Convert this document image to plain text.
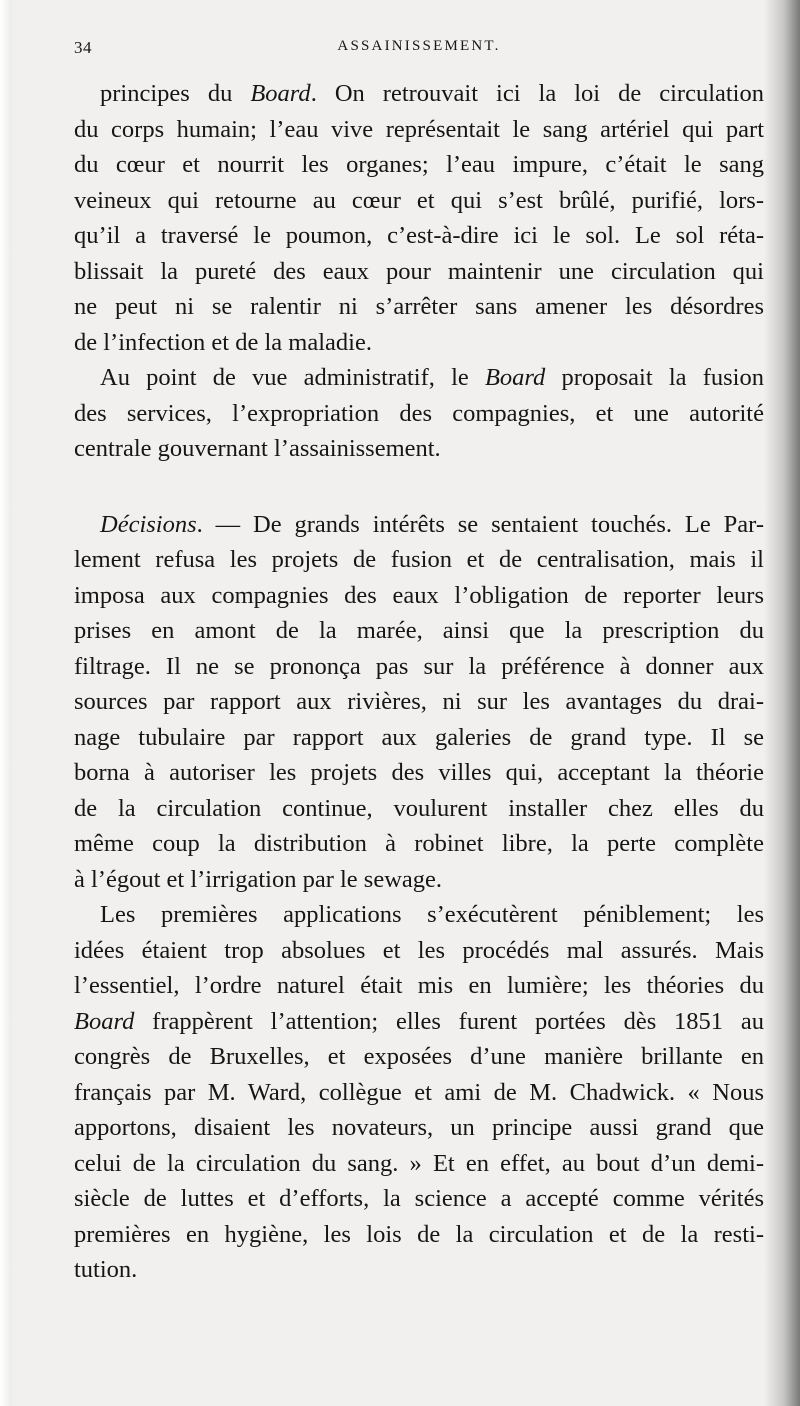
34	ASSAINISSEMENT.
principes du Board. On retrouvait ici la loi de circulation
du corps humain; l’eau vive représentait le sang artériel qui part
du cœur et nourrit les organes; l’eau impure, c’était le sang
veineux qui retourne au cœur et qui s’est brûlé, purifié, lors-
qu’il a traversé le poumon, c’est-à-dire ici le sol. Le sol réta-
blissait la pureté des eaux pour maintenir une circulation qui
ne peut ni se ralentir ni s’arrêter sans amener les désordres
de l’infection et de la maladie.
Au point de vue administratif, le Board proposait la fusion
des services, l’expropriation des compagnies, et une autorité
centrale gouvernant l’assainissement.
Décisions. — De grands intérêts se sentaient touchés. Le Par-
lement refusa les projets de fusion et de centralisation, mais il
imposa aux compagnies des eaux l’obligation de reporter leurs
prises en amont de la marée, ainsi que la prescription du
filtrage. Il ne se prononça pas sur la préférence à donner aux
sources par rapport aux rivières, ni sur les avantages du drai-
nage tubulaire par rapport aux galeries de grand type. Il se
borna à autoriser les projets des villes qui, acceptant la théorie
de la circulation continue, voulurent installer chez elles du
même coup la distribution à robinet libre, la perte complète
à l’égout et l’irrigation par le sewage.
Les premières applications s’exécutèrent péniblement; les
idées étaient trop absolues et les procédés mal assurés. Mais
l’essentiel, l’ordre naturel était mis en lumière; les théories du
Board frappèrent l’attention; elles furent portées dès 1851 au
congrès de Bruxelles, et exposées d’une manière brillante en
français par M. Ward, collègue et ami de M. Chadwick. « Nous
apportons, disaient les novateurs, un principe aussi grand que
celui de la circulation du sang. » Et en effet, au bout d’un demi-
siècle de luttes et d’efforts, la science a accepté comme vérités
premières en hygiène, les lois de la circulation et de la resti-
tution.
